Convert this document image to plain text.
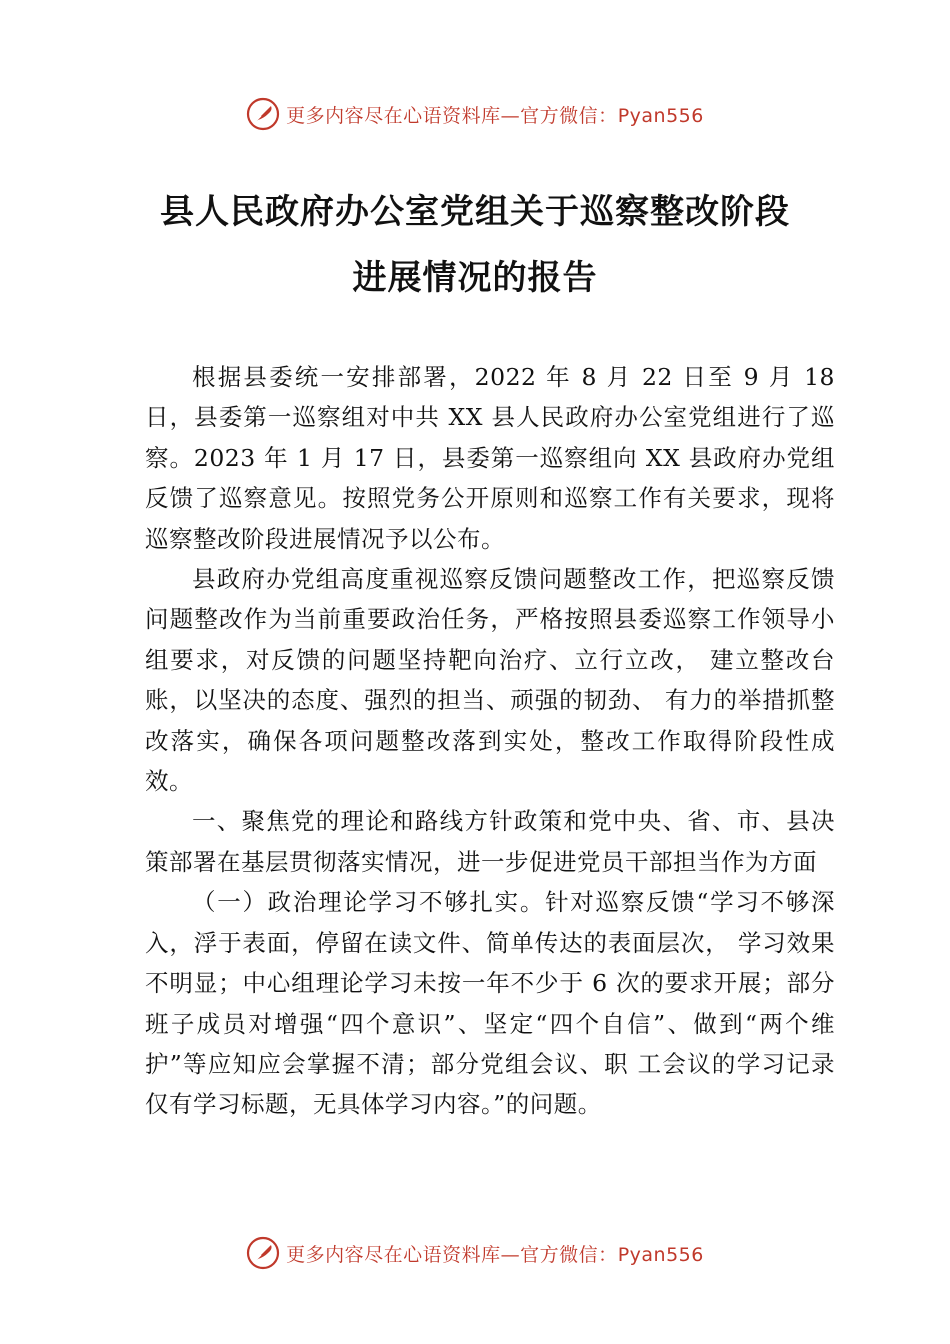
更多内容尽在心语资料库—官方微信：Pyan556
县人民政府办公室党组关于巡察整改阶段
进展情况的报告

根据县委统一安排部署，2022 年 8 月 22 日至 9 月 18 日，县委第一巡察组对中共 XX 县人民政府办公室党组进行了巡察。2023 年 1 月 17 日，县委第一巡察组向 XX 县政府办党组反馈了巡察意见。按照党务公开原则和巡察工作有关要求，现将巡察整改阶段进展情况予以公布。

县政府办党组高度重视巡察反馈问题整改工作，把巡察反馈问题整改作为当前重要政治任务，严格按照县委巡察工作领导小组要求，对反馈的问题坚持靶向治疗、立行立改， 建立整改台账，以坚决的态度、强烈的担当、顽强的韧劲、 有力的举措抓整改落实，确保各项问题整改落到实处，整改工作取得阶段性成效。

一、聚焦党的理论和路线方针政策和党中央、省、市、县决策部署在基层贯彻落实情况，进一步促进党员干部担当作为方面

（一）政治理论学习不够扎实。针对巡察反馈“学习不够深入，浮于表面，停留在读文件、简单传达的表面层次， 学习效果不明显；中心组理论学习未按一年不少于 6 次的要求开展；部分班子成员对增强“四个意识”、坚定“四个自信”、做到“两个维护”等应知应会掌握不清；部分党组会议、职 工会议的学习记录仅有学习标题，无具体学习内容。”的问题。

更多内容尽在心语资料库—官方微信：Pyan556
